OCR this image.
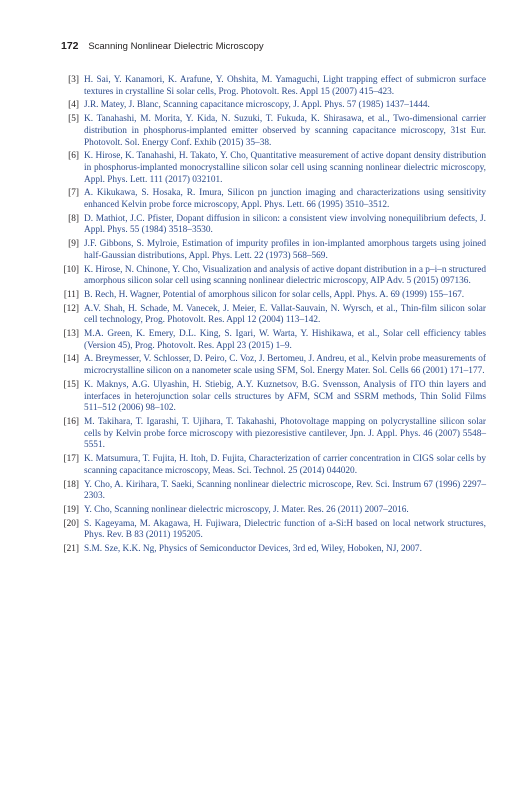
172 Scanning Nonlinear Dielectric Microscopy
[3] H. Sai, Y. Kanamori, K. Arafune, Y. Ohshita, M. Yamaguchi, Light trapping effect of submicron surface textures in crystalline Si solar cells, Prog. Photovolt. Res. Appl 15 (2007) 415–423.
[4] J.R. Matey, J. Blanc, Scanning capacitance microscopy, J. Appl. Phys. 57 (1985) 1437–1444.
[5] K. Tanahashi, M. Morita, Y. Kida, N. Suzuki, T. Fukuda, K. Shirasawa, et al., Two-dimensional carrier distribution in phosphorus-implanted emitter observed by scanning capacitance microscopy, 31st Eur. Photovolt. Sol. Energy Conf. Exhib (2015) 35–38.
[6] K. Hirose, K. Tanahashi, H. Takato, Y. Cho, Quantitative measurement of active dopant density distribution in phosphorus-implanted monocrystalline silicon solar cell using scanning nonlinear dielectric microscopy, Appl. Phys. Lett. 111 (2017) 032101.
[7] A. Kikukawa, S. Hosaka, R. Imura, Silicon pn junction imaging and characterizations using sensitivity enhanced Kelvin probe force microscopy, Appl. Phys. Lett. 66 (1995) 3510–3512.
[8] D. Mathiot, J.C. Pfister, Dopant diffusion in silicon: a consistent view involving nonequilibrium defects, J. Appl. Phys. 55 (1984) 3518–3530.
[9] J.F. Gibbons, S. Mylroie, Estimation of impurity profiles in ion-implanted amorphous targets using joined half-Gaussian distributions, Appl. Phys. Lett. 22 (1973) 568–569.
[10] K. Hirose, N. Chinone, Y. Cho, Visualization and analysis of active dopant distribution in a p–i–n structured amorphous silicon solar cell using scanning nonlinear dielectric microscopy, AIP Adv. 5 (2015) 097136.
[11] B. Rech, H. Wagner, Potential of amorphous silicon for solar cells, Appl. Phys. A. 69 (1999) 155–167.
[12] A.V. Shah, H. Schade, M. Vanecek, J. Meier, E. Vallat-Sauvain, N. Wyrsch, et al., Thin-film silicon solar cell technology, Prog. Photovolt. Res. Appl 12 (2004) 113–142.
[13] M.A. Green, K. Emery, D.L. King, S. Igari, W. Warta, Y. Hishikawa, et al., Solar cell efficiency tables (Version 45), Prog. Photovolt. Res. Appl 23 (2015) 1–9.
[14] A. Breymesser, V. Schlosser, D. Peiro, C. Voz, J. Bertomeu, J. Andreu, et al., Kelvin probe measurements of microcrystalline silicon on a nanometer scale using SFM, Sol. Energy Mater. Sol. Cells 66 (2001) 171–177.
[15] K. Maknys, A.G. Ulyashin, H. Stiebig, A.Y. Kuznetsov, B.G. Svensson, Analysis of ITO thin layers and interfaces in heterojunction solar cells structures by AFM, SCM and SSRM methods, Thin Solid Films 511–512 (2006) 98–102.
[16] M. Takihara, T. Igarashi, T. Ujihara, T. Takahashi, Photovoltage mapping on polycrystalline silicon solar cells by Kelvin probe force microscopy with piezoresistive cantilever, Jpn. J. Appl. Phys. 46 (2007) 5548–5551.
[17] K. Matsumura, T. Fujita, H. Itoh, D. Fujita, Characterization of carrier concentration in CIGS solar cells by scanning capacitance microscopy, Meas. Sci. Technol. 25 (2014) 044020.
[18] Y. Cho, A. Kirihara, T. Saeki, Scanning nonlinear dielectric microscope, Rev. Sci. Instrum 67 (1996) 2297–2303.
[19] Y. Cho, Scanning nonlinear dielectric microscopy, J. Mater. Res. 26 (2011) 2007–2016.
[20] S. Kageyama, M. Akagawa, H. Fujiwara, Dielectric function of a-Si:H based on local network structures, Phys. Rev. B 83 (2011) 195205.
[21] S.M. Sze, K.K. Ng, Physics of Semiconductor Devices, 3rd ed, Wiley, Hoboken, NJ, 2007.
